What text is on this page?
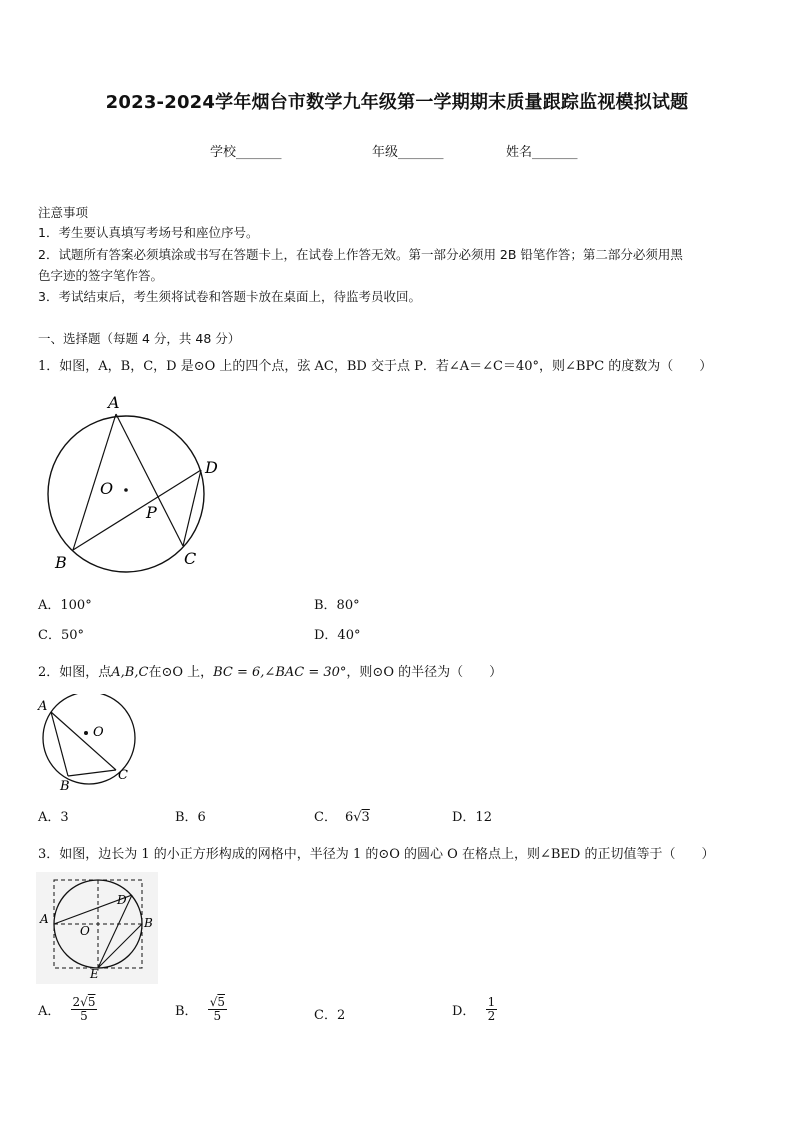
2023-2024学年烟台市数学九年级第一学期期末质量跟踪监视模拟试题
学校_______	年级_______	姓名_______
注意事项
1．考生要认真填写考场号和座位序号。
2．试题所有答案必须填涂或书写在答题卡上，在试卷上作答无效。第一部分必须用 2B 铅笔作答；第二部分必须用黑
色字迹的签字笔作答。
3．考试结束后，考生须将试卷和答题卡放在桌面上，待监考员收回。
一、选择题（每题 4 分，共 48 分）
1．如图，A，B，C，D 是⊙O 上的四个点，弦 AC，BD 交于点 P．若∠A＝∠C＝40°，则∠BPC 的度数为（　　）
A
B	C
D
O
P
A．100°	B．80°
C．50°	D．40°
2．如图，点A,B,C在⊙O 上，BC = 6,∠BAC = 30°，则⊙O 的半径为（　　）
A
B
C
O
A．3	B．6	C． 6√3	D．12
3．如图，边长为 1 的小正方形构成的网格中，半径为 1 的⊙O 的圆心 O 在格点上，则∠BED 的正切值等于（　　）
A	B
D
E
O
A． $\frac{2√5}{5}$	B． $\frac{√5}{5}$	C．2	D． $\frac{1}{2}$
